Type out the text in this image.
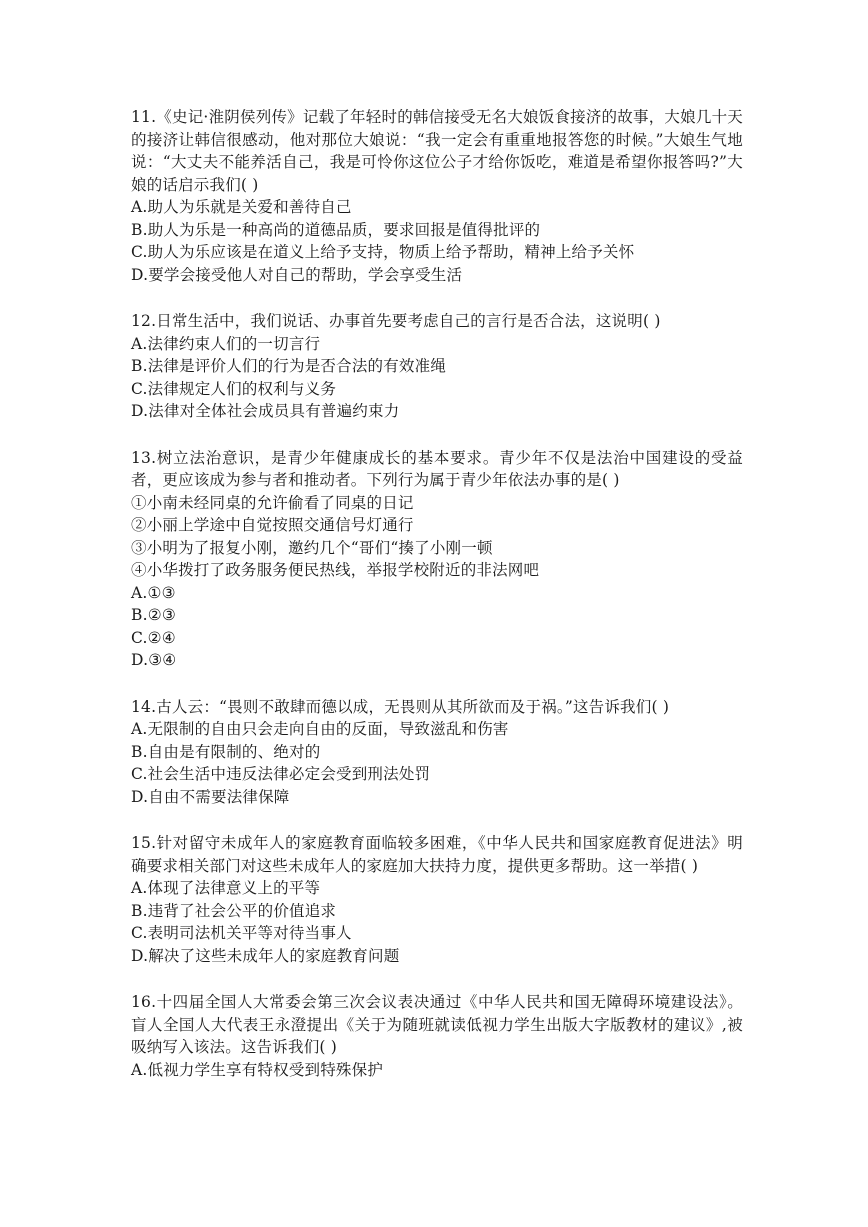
11.《史记·淮阴侯列传》记载了年轻时的韩信接受无名大娘饭食接济的故事，大娘几十天的接济让韩信很感动，他对那位大娘说：“我一定会有重重地报答您的时候。”大娘生气地说：“大丈夫不能养活自己，我是可怜你这位公子才给你饭吃，难道是希望你报答吗?”大娘的话启示我们( )

A.助人为乐就是关爱和善待自己

B.助人为乐是一种高尚的道德品质，要求回报是值得批评的

C.助人为乐应该是在道义上给予支持，物质上给予帮助，精神上给予关怀

D.要学会接受他人对自己的帮助，学会享受生活

12.日常生活中，我们说话、办事首先要考虑自己的言行是否合法，这说明( )

A.法律约束人们的一切言行

B.法律是评价人们的行为是否合法的有效准绳

C.法律规定人们的权利与义务

D.法律对全体社会成员具有普遍约束力

13.树立法治意识，是青少年健康成长的基本要求。青少年不仅是法治中国建设的受益者，更应该成为参与者和推动者。下列行为属于青少年依法办事的是( )

①小南未经同桌的允许偷看了同桌的日记

②小丽上学途中自觉按照交通信号灯通行

③小明为了报复小刚，邀约几个“哥们“揍了小刚一顿

④小华拨打了政务服务便民热线，举报学校附近的非法网吧

A.①③

B.②③

C.②④

D.③④

14.古人云：“畏则不敢肆而德以成，无畏则从其所欲而及于祸。”这告诉我们( )

A.无限制的自由只会走向自由的反面，导致滋乱和伤害

B.自由是有限制的、绝对的

C.社会生活中违反法律必定会受到刑法处罚

D.自由不需要法律保障

15.针对留守未成年人的家庭教育面临较多困难，《中华人民共和国家庭教育促进法》明确要求相关部门对这些未成年人的家庭加大扶持力度，提供更多帮助。这一举措( )

A.体现了法律意义上的平等

B.违背了社会公平的价值追求

C.表明司法机关平等对待当事人

D.解决了这些未成年人的家庭教育问题

16.十四届全国人大常委会第三次会议表决通过《中华人民共和国无障碍环境建设法》。盲人全国人大代表王永澄提出《关于为随班就读低视力学生出版大字版教材的建议》,被吸纳写入该法。这告诉我们( )

A.低视力学生享有特权受到特殊保护
